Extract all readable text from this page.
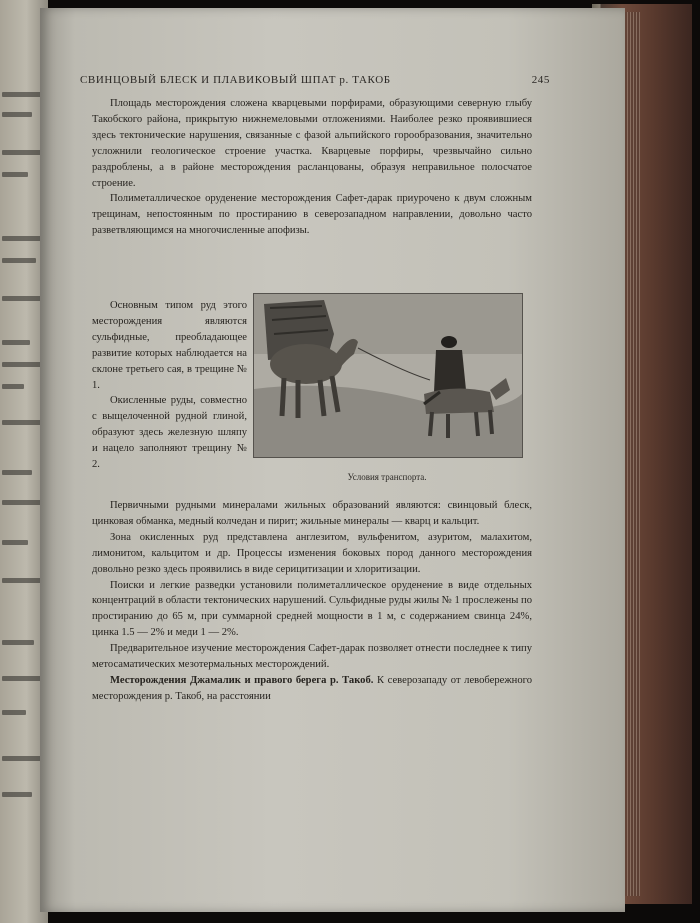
СВИНЦОВЫЙ БЛЕСК И ПЛАВИКОВЫЙ ШПАТ р. ТАКОБ	245

Площадь месторождения сложена кварцевыми порфирами, образующими северную глыбу Такобского района, прикрытую нижнемеловыми отложениями. Наиболее резко проявившиеся здесь тектонические нарушения, связанные с фазой альпийского горообразования, значительно усложнили геологическое строение участка. Кварцевые порфиры, чрезвычайно сильно раздроблены, а в районе месторождения расланцованы, образуя неправильное полосчатое строение.

Полиметаллическое оруденение месторождения Сафет-дарак приурочено к двум сложным трещинам, непостоянным по простиранию в северозападном направлении, довольно часто разветвляющимся на многочисленные апофизы.

Основным типом руд этого месторождения являются сульфидные, преобладающее развитие которых наблюдается на склоне третьего сая, в трещине № 1.

Окисленные руды, совместно с выщелоченной рудной глиной, образуют здесь железную шляпу и нацело заполняют трещину № 2.

Условия транспорта.

Первичными рудными минералами жильных образований являются: свинцовый блеск, цинковая обманка, медный колчедан и пирит; жильные минералы — кварц и кальцит.

Зона окисленных руд представлена англезитом, вульфенитом, азуритом, малахитом, лимонитом, кальцитом и др. Процессы изменения боковых пород данного месторождения довольно резко здесь проявились в виде серицитизации и хлоритизации.

Поиски и легкие разведки установили полиметаллическое оруденение в виде отдельных концентраций в области тектонических нарушений. Сульфидные руды жилы № 1 прослежены по простиранию до 65 м, при суммарной средней мощности в 1 м, с содержанием свинца 24%, цинка 1.5 — 2% и меди 1 — 2%.

Предварительное изучение месторождения Сафет-дарак позволяет отнести последнее к типу метосаматических мезотермальных месторождений.

Месторождения Джамалик и правого берега р. Такоб. К северозападу от левобережного месторождения р. Такоб, на расстоянии
